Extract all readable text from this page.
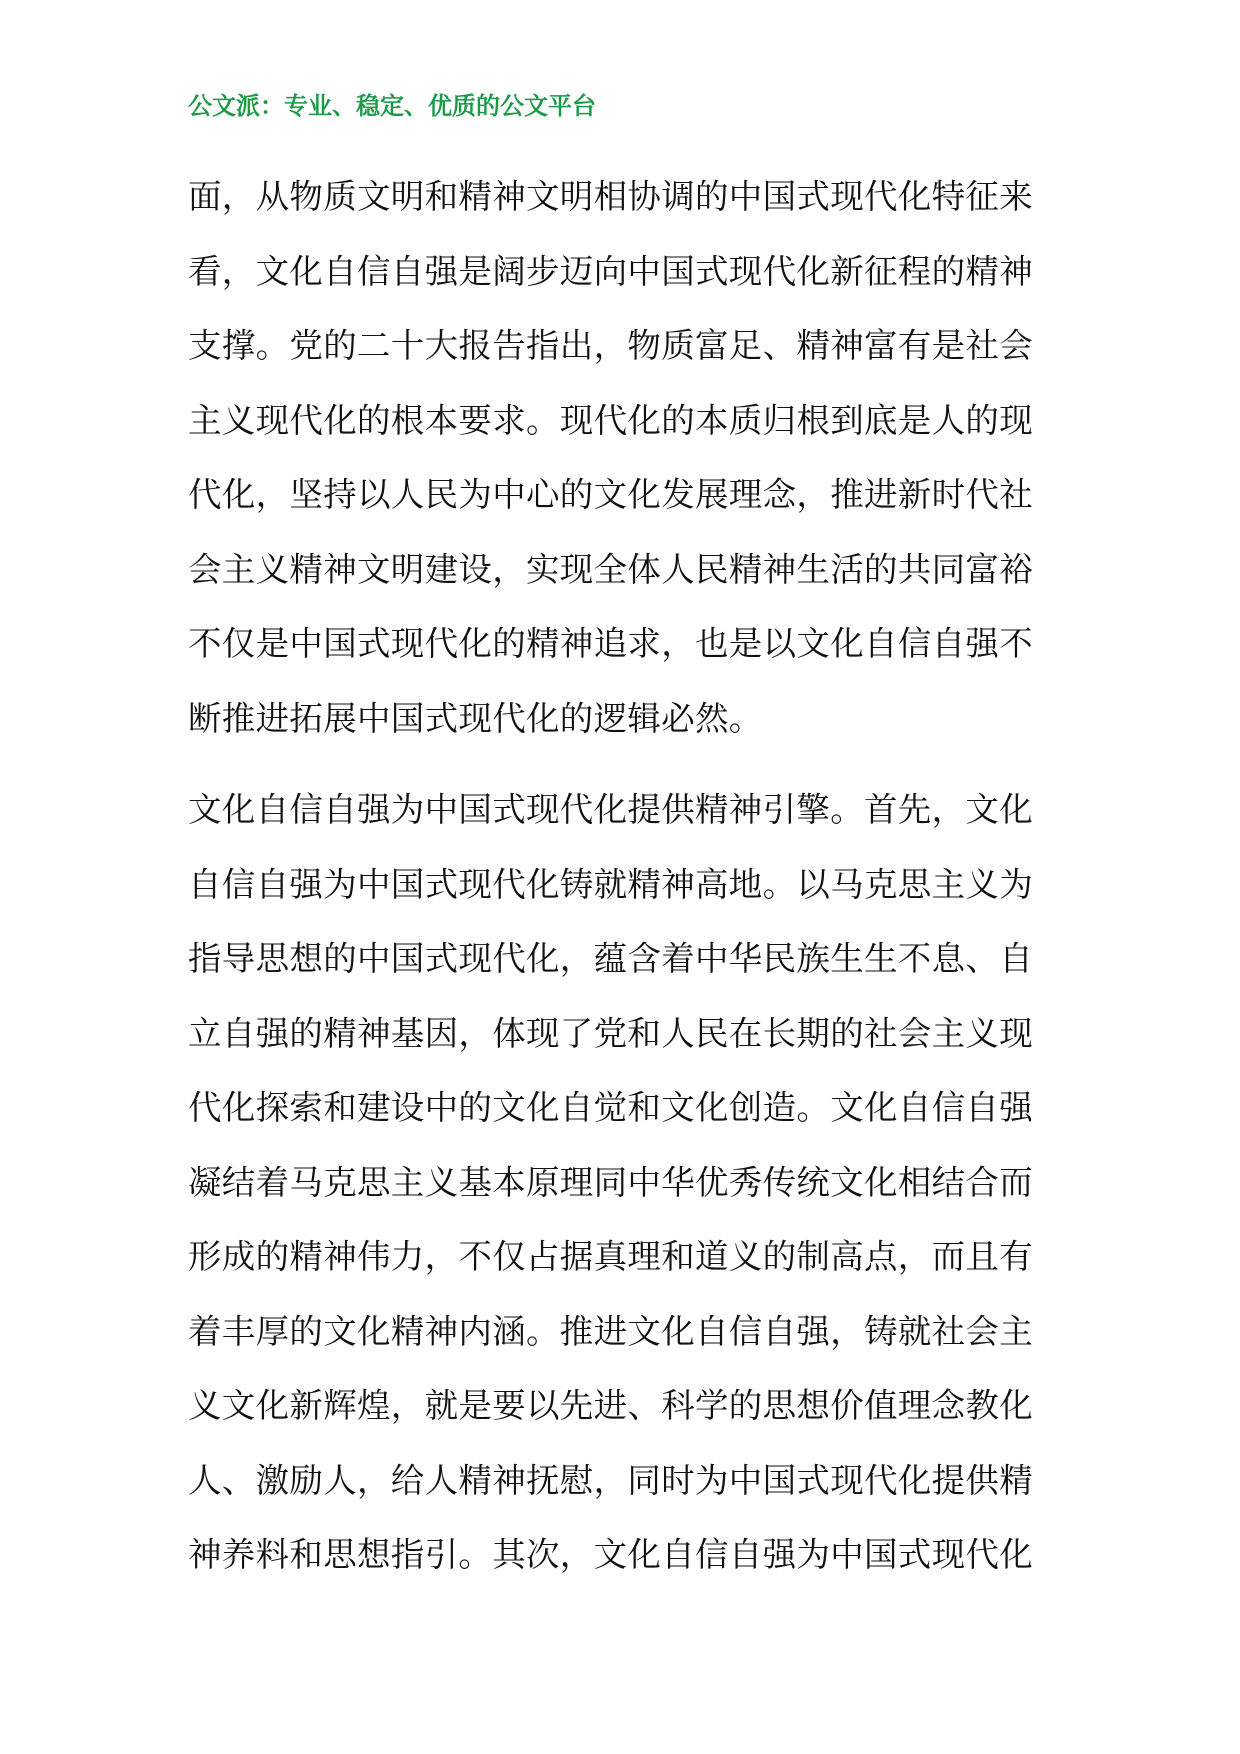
公文派：专业、稳定、优质的公文平台
面，从物质文明和精神文明相协调的中国式现代化特征来
看，文化自信自强是阔步迈向中国式现代化新征程的精神
支撑。党的二十大报告指出，物质富足、精神富有是社会
主义现代化的根本要求。现代化的本质归根到底是人的现
代化，坚持以人民为中心的文化发展理念，推进新时代社
会主义精神文明建设，实现全体人民精神生活的共同富裕
不仅是中国式现代化的精神追求，也是以文化自信自强不
断推进拓展中国式现代化的逻辑必然。
文化自信自强为中国式现代化提供精神引擎。首先，文化
自信自强为中国式现代化铸就精神高地。以马克思主义为
指导思想的中国式现代化，蕴含着中华民族生生不息、自
立自强的精神基因，体现了党和人民在长期的社会主义现
代化探索和建设中的文化自觉和文化创造。文化自信自强
凝结着马克思主义基本原理同中华优秀传统文化相结合而
形成的精神伟力，不仅占据真理和道义的制高点，而且有
着丰厚的文化精神内涵。推进文化自信自强，铸就社会主
义文化新辉煌，就是要以先进、科学的思想价值理念教化
人、激励人，给人精神抚慰，同时为中国式现代化提供精
神养料和思想指引。其次，文化自信自强为中国式现代化
